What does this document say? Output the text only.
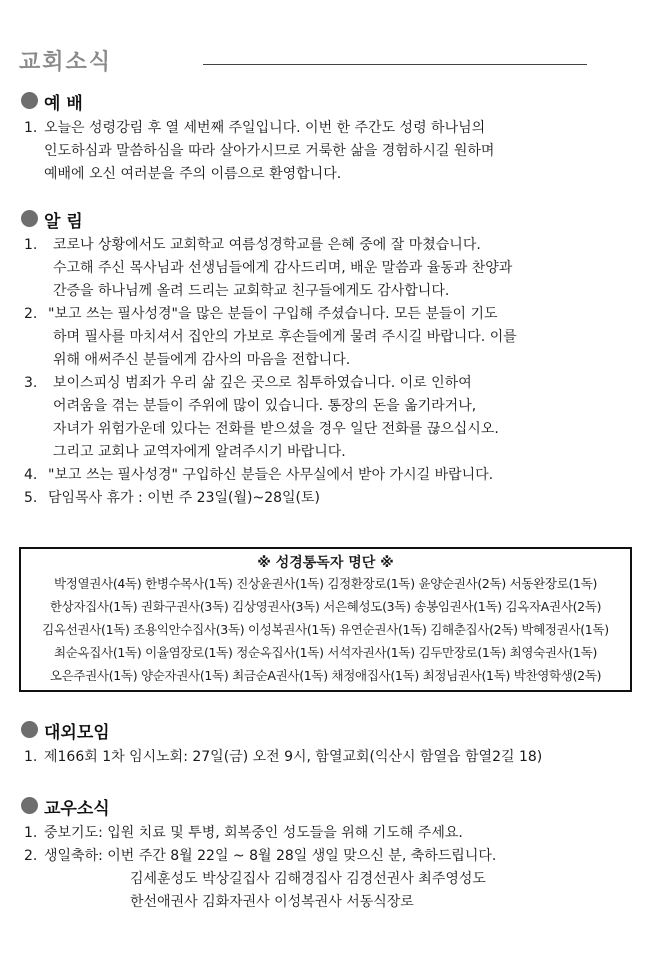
교회소식
예 배
1. 오늘은 성령강림 후 열 세번째 주일입니다. 이번 한 주간도 성령 하나님의
인도하심과 말씀하심을 따라 살아가시므로 거룩한 삶을 경험하시길 원하며
예배에 오신 여러분을 주의 이름으로 환영합니다.
알 림
1. 코로나 상황에서도 교회학교 여름성경학교를 은혜 중에 잘 마쳤습니다.
수고해 주신 목사님과 선생님들에게 감사드리며, 배운 말씀과 율동과 찬양과
간증을 하나님께 올려 드리는 교회학교 친구들에게도 감사합니다.
2. "보고 쓰는 필사성경"을 많은 분들이 구입해 주셨습니다. 모든 분들이 기도
하며 필사를 마치셔서 집안의 가보로 후손들에게 물려 주시길 바랍니다. 이를
위해 애써주신 분들에게 감사의 마음을 전합니다.
3. 보이스피싱 범죄가 우리 삶 깊은 곳으로 침투하였습니다. 이로 인하여
어려움을 겪는 분들이 주위에 많이 있습니다. 통장의 돈을 옮기라거나,
자녀가 위험가운데 있다는 전화를 받으셨을 경우 일단 전화를 끊으십시오.
그리고 교회나 교역자에게 알려주시기 바랍니다.
4. "보고 쓰는 필사성경" 구입하신 분들은 사무실에서 받아 가시길 바랍니다.
5. 담임목사 휴가 : 이번 주 23일(월)~28일(토)
※ 성경통독자 명단 ※
박정열권사(4독) 한병수목사(1독) 진상윤권사(1독) 김정환장로(1독) 윤양순권사(2독) 서동완장로(1독)
한상자집사(1독) 권화구권사(3독) 김상영권사(3독) 서은혜성도(3독) 송봉임권사(1독) 김옥자A권사(2독)
김옥선권사(1독) 조용익안수집사(3독) 이성복권사(1독) 유연순권사(1독) 김해춘집사(2독) 박혜정권사(1독)
최순옥집사(1독) 이율염장로(1독) 정순옥집사(1독) 서석자권사(1독) 김두만장로(1독) 최영숙권사(1독)
오은주권사(1독) 양순자권사(1독) 최금순A권사(1독) 채정애집사(1독) 최정님권사(1독) 박찬영학생(2독)
대외모임
1. 제166회 1차 임시노회: 27일(금) 오전 9시, 함열교회(익산시 함열읍 함열2길 18)
교우소식
1. 중보기도: 입원 치료 및 투병, 회복중인 성도들을 위해 기도해 주세요.
2. 생일축하: 이번 주간 8월 22일 ~ 8월 28일 생일 맞으신 분, 축하드립니다.
김세훈성도 박상길집사 김해경집사 김경선권사 최주영성도
한선애권사 김화자권사 이성복권사 서동식장로
